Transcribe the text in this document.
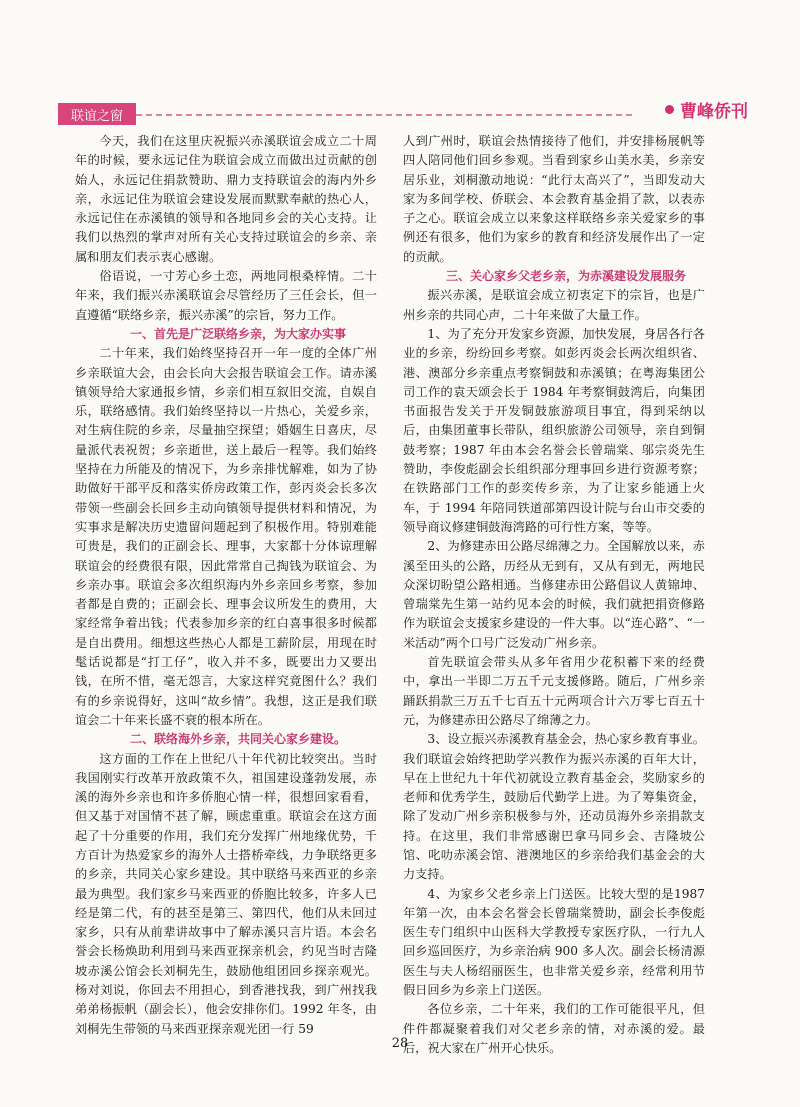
联谊之窗	曹峰侨刊

今天，我们在这里庆祝振兴赤溪联谊会成立二十周年的时候，要永远记住为联谊会成立而做出过贡献的创始人，永远记住捐款赞助、鼎力支持联谊会的海内外乡亲，永远记住为联谊会建设发展而默默奉献的热心人，永远记住在赤溪镇的领导和各地同乡会的关心支持。让我们以热烈的掌声对所有关心支持过联谊会的乡亲、亲属和朋友们表示衷心感谢。

俗语说，一寸芳心乡土恋，两地同根桑梓情。二十年来，我们振兴赤溪联谊会尽管经历了三任会长，但一直遵循“联络乡亲，振兴赤溪”的宗旨，努力工作。

一、首先是广泛联络乡亲，为大家办实事

二十年来，我们始终坚持召开一年一度的全体广州乡亲联谊大会，由会长向大会报告联谊会工作。请赤溪镇领导给大家通报乡情，乡亲们相互叙旧交流，自娱自乐，联络感情。我们始终坚持以一片热心，关爱乡亲，对生病住院的乡亲，尽量抽空探望；婚姻生日喜庆，尽量派代表祝贺；乡亲逝世，送上最后一程等。我们始终坚持在力所能及的情况下，为乡亲排忧解难，如为了协助做好干部平反和落实侨房政策工作，彭丙炎会长多次带领一些副会长回乡主动向镇领导提供材料和情况，为实事求是解决历史遗留问题起到了积极作用。特别难能可贵是，我们的正副会长、理事，大家都十分体谅理解联谊会的经费很有限，因此常常自己掏钱为联谊会、为乡亲办事。联谊会多次组织海内外乡亲回乡考察，参加者都是自费的；正副会长、理事会议所发生的费用，大家经常争着出钱；代表参加乡亲的红白喜事很多时候都是自出费用。细想这些热心人都是工薪阶层，用现在时髦话说都是“打工仔”，收入并不多，既要出力又要出钱，在所不惜，毫无怨言，大家这样究竟图什么？我们有的乡亲说得好，这叫“故乡情”。我想，这正是我们联谊会二十年来长盛不衰的根本所在。

二、联络海外乡亲，共同关心家乡建设。

这方面的工作在上世纪八十年代初比较突出。当时我国刚实行改革开放政策不久，祖国建设蓬勃发展，赤溪的海外乡亲也和许多侨胞心情一样，很想回家看看，但又基于对国情不甚了解，顾虑重重。联谊会在这方面起了十分重要的作用，我们充分发挥广州地缘优势，千方百计为热爱家乡的海外人士搭桥牵线，力争联络更多的乡亲，共同关心家乡建设。其中联络马来西亚的乡亲最为典型。我们家乡马来西亚的侨胞比较多，许多人已经是第二代，有的甚至是第三、第四代，他们从未回过家乡，只有从前辈讲故事中了解赤溪只言片语。本会名誉会长杨焕助利用到马来西亚探亲机会，约见当时吉隆坡赤溪公馆会长刘桐先生，鼓励他组团回乡探亲观光。杨对刘说，你回去不用担心，到香港找我，到广州找我弟弟杨振帆（副会长），他会安排你们。1992 年冬，由刘桐先生带领的马来西亚探亲观光团一行 59

人到广州时，联谊会热情接待了他们，并安排杨展帆等四人陪同他们回乡参观。当看到家乡山美水美，乡亲安居乐业，刘桐激动地说：“此行太高兴了”，当即发动大家为多间学校、侨联会、本会教育基金捐了款，以表赤子之心。联谊会成立以来象这样联络乡亲关爱家乡的事例还有很多，他们为家乡的教育和经济发展作出了一定的贡献。

三、关心家乡父老乡亲，为赤溪建设发展服务

振兴赤溪，是联谊会成立初衷定下的宗旨，也是广州乡亲的共同心声，二十年来做了大量工作。

1、为了充分开发家乡资源，加快发展，身居各行各业的乡亲，纷纷回乡考察。如彭丙炎会长两次组织省、港、澳部分乡亲重点考察铜鼓和赤溪镇；在粤海集团公司工作的袁天颂会长于 1984 年考察铜鼓湾后，向集团书面报告发关于开发铜鼓旅游项目事宜，得到采纳以后，由集团董事长带队，组织旅游公司领导，亲自到铜鼓考察；1987 年由本会名誉会长曾瑞棠、邬宗炎先生赞助，李俊彪副会长组织部分理事回乡进行资源考察；在铁路部门工作的彭奕传乡亲，为了让家乡能通上火车，于 1994 年陪同铁道部第四设计院与台山市交委的领导商议修建铜鼓海湾路的可行性方案，等等。

2、为修建赤田公路尽绵薄之力。全国解放以来，赤溪至田头的公路，历经从无到有，又从有到无，两地民众深切盼望公路相通。当修建赤田公路倡议人黄锦坤、曾瑞棠先生第一站约见本会的时候，我们就把捐资修路作为联谊会支援家乡建设的一件大事。以“连心路”、“一米活动”两个口号广泛发动广州乡亲。

首先联谊会带头从多年省用少花积蓄下来的经费中，拿出一半即二万五千元支援修路。随后，广州乡亲踊跃捐款三万五千七百五十元两项合计六万零七百五十元，为修建赤田公路尽了绵薄之力。

3、设立振兴赤溪教育基金会，热心家乡教育事业。我们联谊会始终把助学兴教作为振兴赤溪的百年大计，早在上世纪九十年代初就设立教育基金会，奖励家乡的老师和优秀学生，鼓励后代勤学上进。为了筹集资金，除了发动广州乡亲积极参与外，还动员海外乡亲捐款支持。在这里，我们非常感谢巴拿马同乡会、吉隆坡公馆、叱叻赤溪会馆、港澳地区的乡亲给我们基金会的大力支持。

4、为家乡父老乡亲上门送医。比较大型的是1987 年第一次，由本会名誉会长曾瑞棠赞助，副会长李俊彪医生专门组织中山医科大学教授专家医疗队，一行九人回乡巡回医疗，为乡亲治病 900 多人次。副会长杨清源医生与夫人杨绍丽医生，也非常关爱乡亲，经常利用节假日回乡为乡亲上门送医。

各位乡亲，二十年来，我们的工作可能很平凡，但件件都凝聚着我们对父老乡亲的情，对赤溪的爱。最后，祝大家在广州开心快乐。

28
